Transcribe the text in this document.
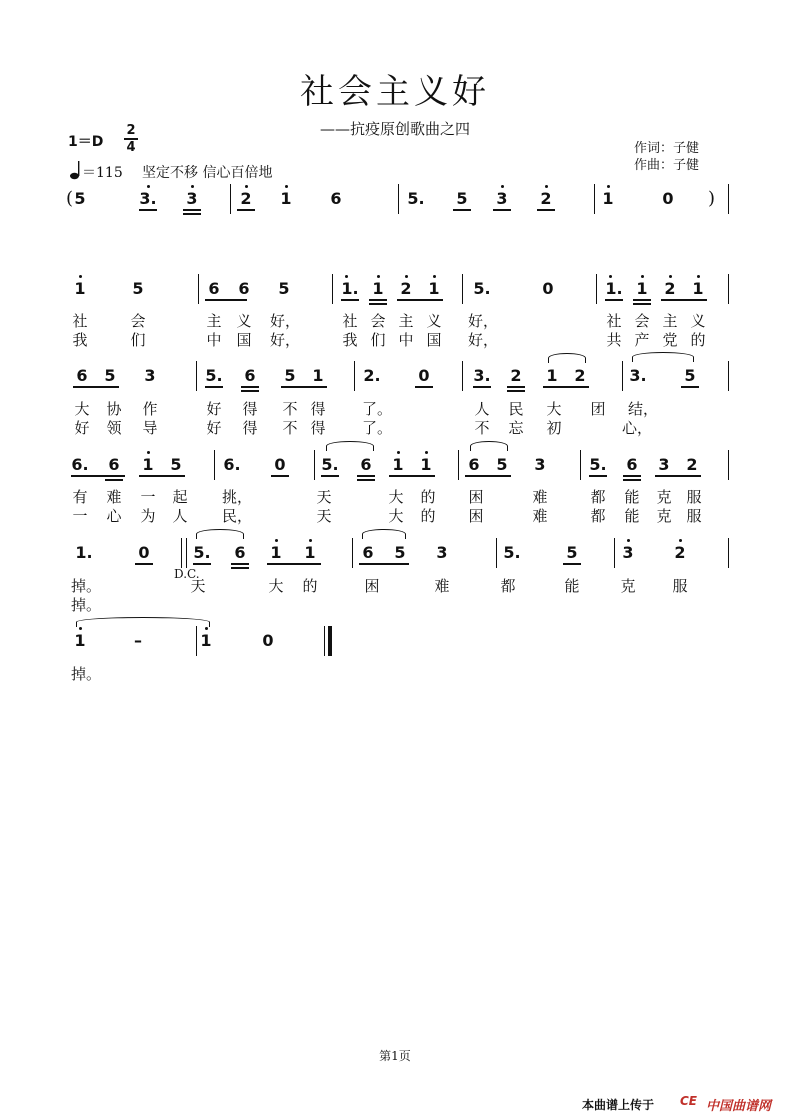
社会主义好
——抗疫原创歌曲之四
1＝D
2
4
＝115 坚定不移 信心百倍地
作词：子健
作曲：子健
( 5	3.	3	2	1	6	5.	5	3	2	1	0	)
1	5	6	6	5	1. 1	2	1	5.	0	1. 1	2	1
社	会	主 义	好，	社 会 主 义	好，	社 会 主 义
我	们	中 国	好，	我 们 中 国	好，	共 产 党 的
6	5	3	5.	6	5	1	2.	0	3.	2	1	2	3.	5
大	协	作	好	得	不 得	了。	人	民	大	团	结，
好	领	导	好	得	不 得	了。	不	忘	初	心，
6.	6	1	5	6.	0	5.	6	1	1	6	5	3	5.	6	3	2
有	难	一	起	挑，	天	大	的	困	难	都	能	克 服
一	心	为	人	民，	天	大	的	困	难	都	能	克 服
1.	0	5.	6	1	1	6	5	3	5.	5	3	2
D.C.
掉。	天	大	的	困	难	都	能	克	服
掉。
1	–	1	0
掉。
第1页
本曲谱上传于 CE 中国曲谱网
